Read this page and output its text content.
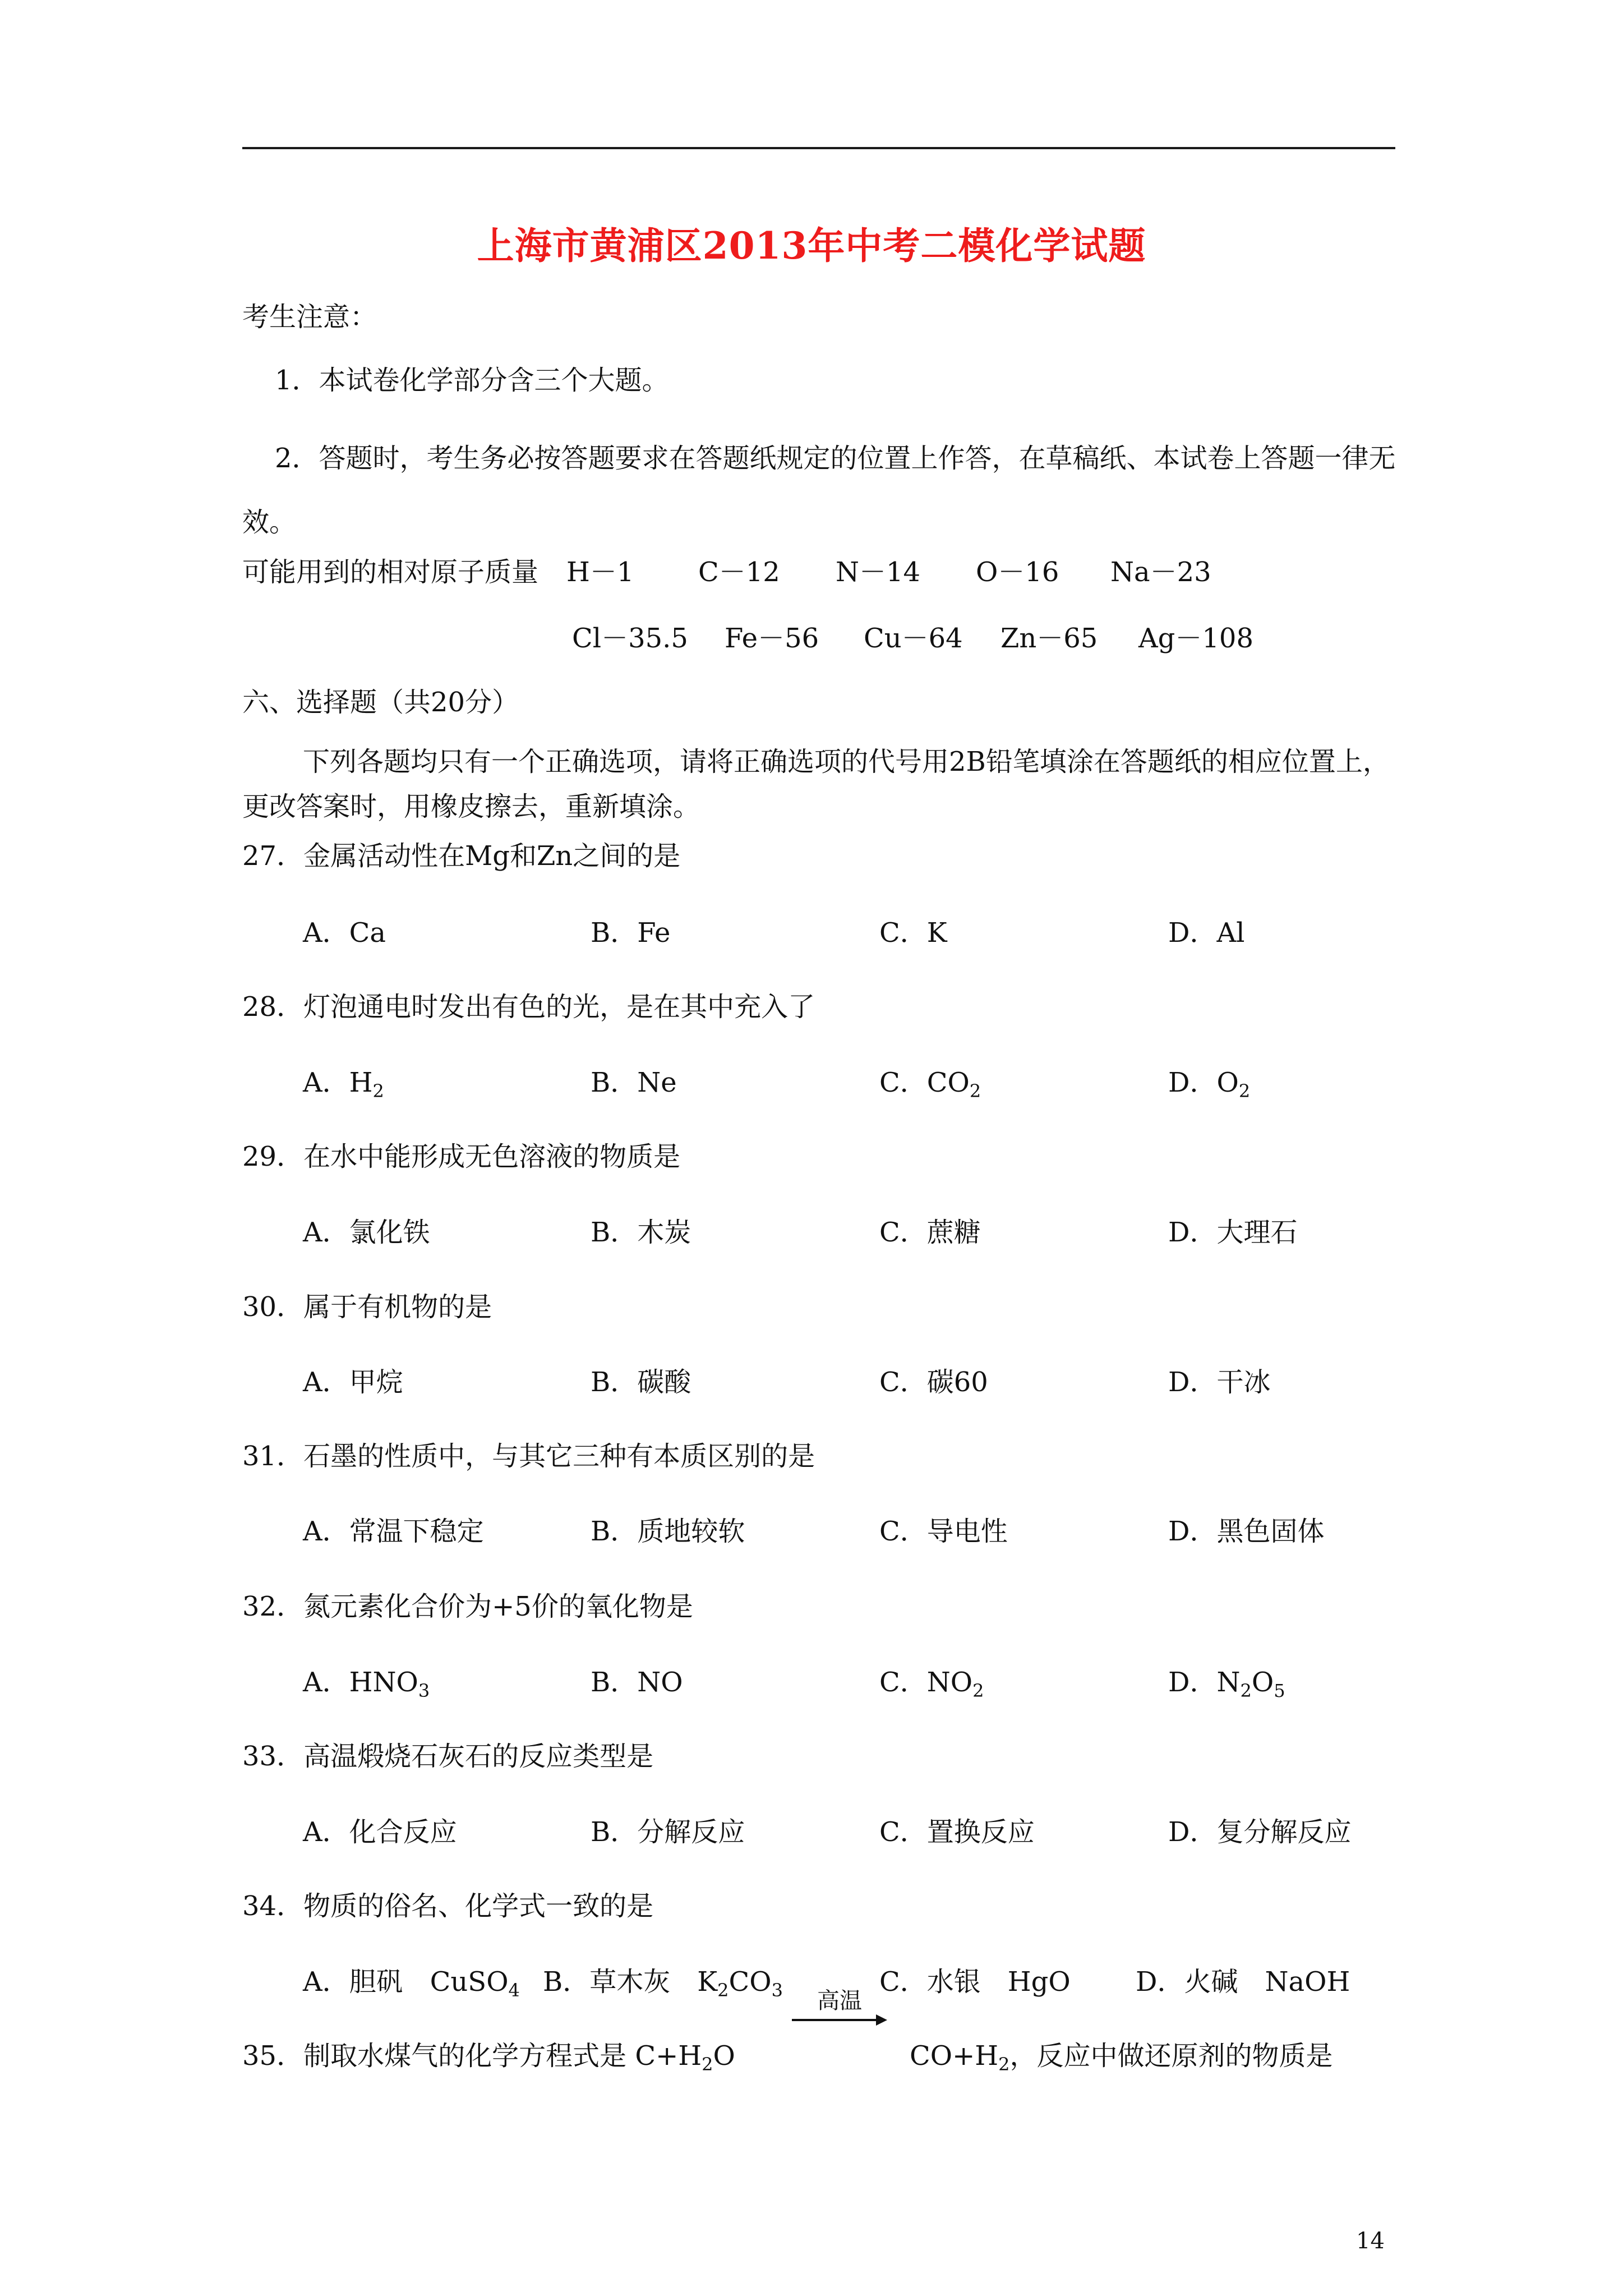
上海市黄浦区2013年中考二模化学试题
考生注意：
1．本试卷化学部分含三个大题。
2．答题时，考生务必按答题要求在答题纸规定的位置上作答，在草稿纸、本试卷上答题一律无效。
可能用到的相对原子质量 H－1 C－12 N－14 O－16 Na－23
Cl－35.5 Fe－56 Cu－64 Zn－65 Ag－108
六、选择题（共20分）
下列各题均只有一个正确选项，请将正确选项的代号用2B铅笔填涂在答题纸的相应位置上，更改答案时，用橡皮擦去，重新填涂。
27．金属活动性在Mg和Zn之间的是
A．Ca	B．Fe	C．K	D．Al
28．灯泡通电时发出有色的光，是在其中充入了
A．$H_2$	B．Ne	C．$CO_2$	D．$O_2$
29．在水中能形成无色溶液的物质是
A．氯化铁	B．木炭	C．蔗糖	D．大理石
30．属于有机物的是
A．甲烷	B．碳酸	C．碳60	D．干冰
31．石墨的性质中，与其它三种有本质区别的是
A．常温下稳定	B．质地较软	C．导电性	D．黑色固体
32．氮元素化合价为+5价的氧化物是
A．$HNO_3$	B．NO	C．$NO_2$	D．$N_2O_5$
33．高温煅烧石灰石的反应类型是
A．化合反应	B．分解反应	C．置换反应	D．复分解反应
34．物质的俗名、化学式一致的是
A．胆矾　CuSO$_4$ B．草木灰　$K_2CO_3$	C．水银　HgO D．火碱　NaOH
35．制取水煤气的化学方程式是 $C+H_2O$
高温
$CO+H_2$，反应中做还原剂的物质是
14
